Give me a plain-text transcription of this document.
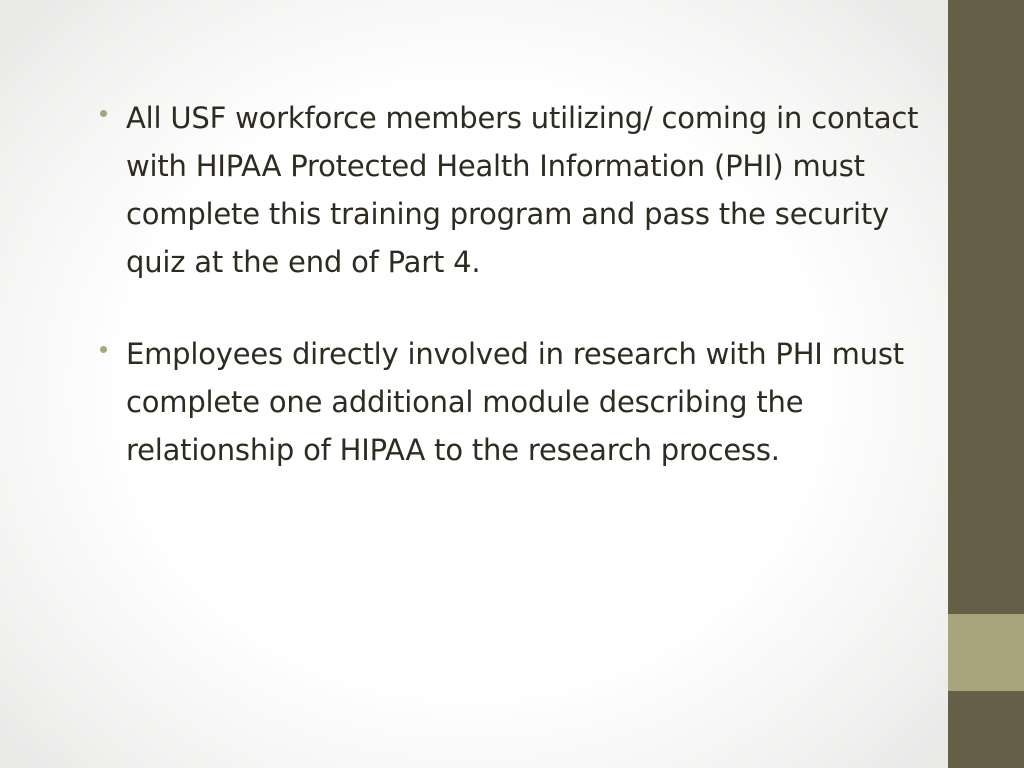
All USF workforce members utilizing/ coming in contact with HIPAA Protected Health Information (PHI) must complete this training program and pass the security quiz at the end of Part 4.
Employees directly involved in research with PHI must complete one additional module describing the relationship of HIPAA to the research process.
